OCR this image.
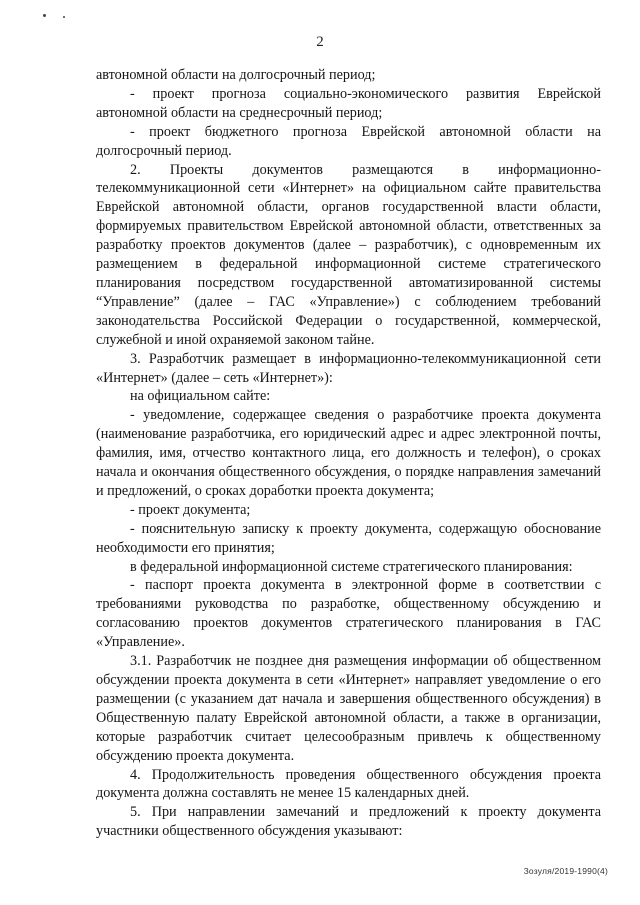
2

автономной области на долгосрочный период;

- проект прогноза социально-экономического развития Еврейской автономной области на среднесрочный период;

- проект бюджетного прогноза Еврейской автономной области на долгосрочный период.

2. Проекты документов размещаются в информационно-телекоммуникационной сети «Интернет» на официальном сайте правительства Еврейской автономной области, органов государственной власти области, формируемых правительством Еврейской автономной области, ответственных за разработку проектов документов (далее – разработчик), с одновременным их размещением в федеральной информационной системе стратегического планирования посредством государственной автоматизированной системы “Управление” (далее – ГАС «Управление») с соблюдением требований законодательства Российской Федерации о государственной, коммерческой, служебной и иной охраняемой законом тайне.

3. Разработчик размещает в информационно-телекоммуникационной сети «Интернет» (далее – сеть «Интернет»):

на официальном сайте:

- уведомление, содержащее сведения о разработчике проекта документа (наименование разработчика, его юридический адрес и адрес электронной почты, фамилия, имя, отчество контактного лица, его должность и телефон), о сроках начала и окончания общественного обсуждения, о порядке направления замечаний и предложений, о сроках доработки проекта документа;

- проект документа;

- пояснительную записку к проекту документа, содержащую обоснование необходимости его принятия;

в федеральной информационной системе стратегического планирования:

- паспорт проекта документа в электронной форме в соответствии с требованиями руководства по разработке, общественному обсуждению и согласованию проектов документов стратегического планирования в ГАС «Управление».

3.1. Разработчик не позднее дня размещения информации об общественном обсуждении проекта документа в сети «Интернет» направляет уведомление о его размещении (с указанием дат начала и завершения общественного обсуждения) в Общественную палату Еврейской автономной области, а также в организации, которые разработчик считает целесообразным привлечь к общественному обсуждению проекта документа.

4. Продолжительность проведения общественного обсуждения проекта документа должна составлять не менее 15 календарных дней.

5. При направлении замечаний и предложений к проекту документа участники общественного обсуждения указывают:

Зозуля/2019-1990(4)
